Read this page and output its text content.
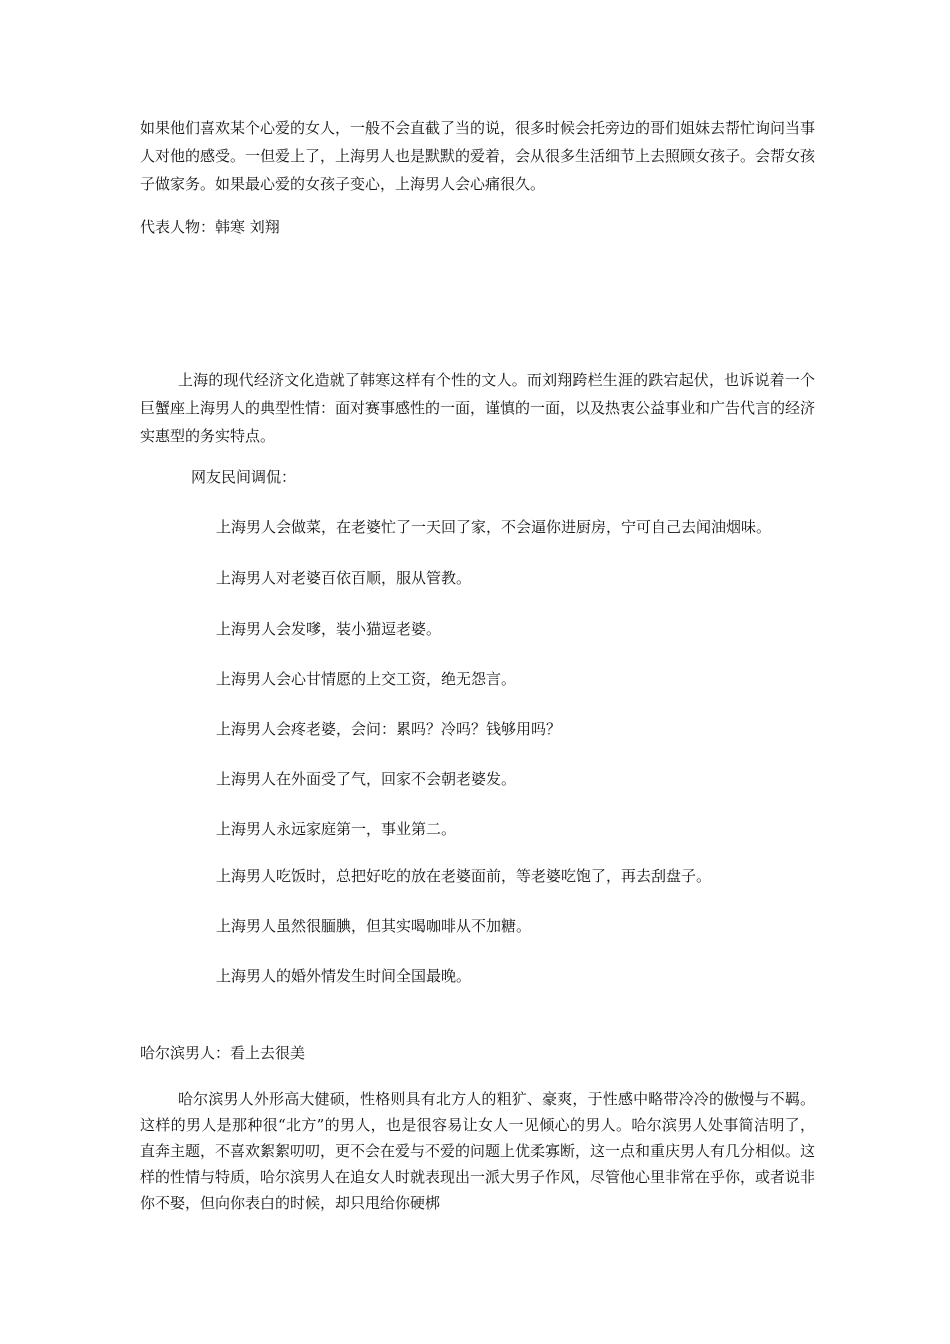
如果他们喜欢某个心爱的女人，一般不会直截了当的说，很多时候会托旁边的哥们姐妹去帮忙询问当事人对他的感受。一但爱上了，上海男人也是默默的爱着，会从很多生活细节上去照顾女孩子。会帮女孩子做家务。如果最心爱的女孩子变心，上海男人会心痛很久。

代表人物：韩寒 刘翔

上海的现代经济文化造就了韩寒这样有个性的文人。而刘翔跨栏生涯的跌宕起伏，也诉说着一个巨蟹座上海男人的典型性情：面对赛事感性的一面，谨慎的一面，以及热衷公益事业和广告代言的经济实惠型的务实特点。

网友民间调侃：

上海男人会做菜，在老婆忙了一天回了家，不会逼你进厨房，宁可自己去闻油烟味。

上海男人对老婆百依百顺，服从管教。

上海男人会发嗲，装小猫逗老婆。

上海男人会心甘情愿的上交工资，绝无怨言。

上海男人会疼老婆，会问：累吗？冷吗？钱够用吗？

上海男人在外面受了气，回家不会朝老婆发。

上海男人永远家庭第一，事业第二。

上海男人吃饭时，总把好吃的放在老婆面前，等老婆吃饱了，再去刮盘子。

上海男人虽然很腼腆，但其实喝咖啡从不加糖。

上海男人的婚外情发生时间全国最晚。

哈尔滨男人：看上去很美

哈尔滨男人外形高大健硕，性格则具有北方人的粗犷、豪爽，于性感中略带冷冷的傲慢与不羁。这样的男人是那种很“北方”的男人，也是很容易让女人一见倾心的男人。哈尔滨男人处事简洁明了，直奔主题，不喜欢絮絮叨叨，更不会在爱与不爱的问题上优柔寡断，这一点和重庆男人有几分相似。这样的性情与特质，哈尔滨男人在追女人时就表现出一派大男子作风，尽管他心里非常在乎你，或者说非你不娶，但向你表白的时候，却只甩给你硬梆
